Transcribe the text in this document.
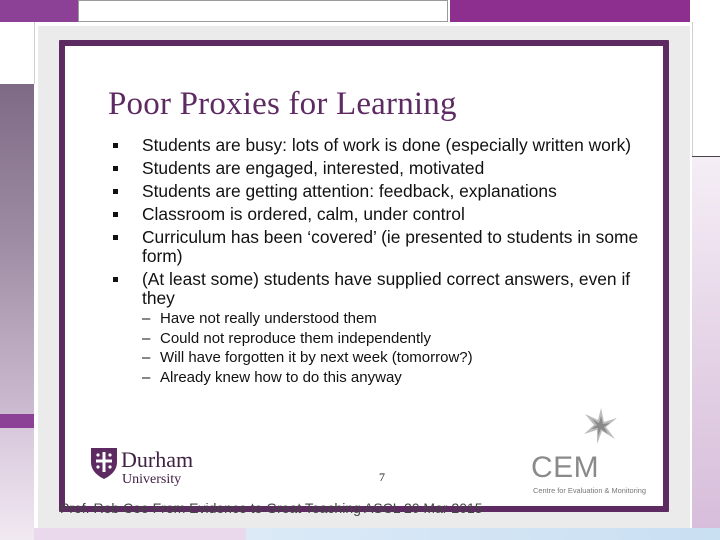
Poor Proxies for Learning
Students are busy: lots of work is done (especially written work)
Students are engaged, interested, motivated
Students are getting attention: feedback, explanations
Classroom is ordered, calm, under control
Curriculum has been ‘covered’ (ie presented to students in some form)
(At least some) students have supplied correct answers, even if they
– Have not really understood them
– Could not reproduce them independently
– Will have forgotten it by next week (tomorrow?)
– Already knew how to do this anyway
Durham
University	7	CEM
Centre for Evaluation & Monitoring
Prof. Rob Coe From Evidence to Great Teaching ASCL 20 Mar 2015
